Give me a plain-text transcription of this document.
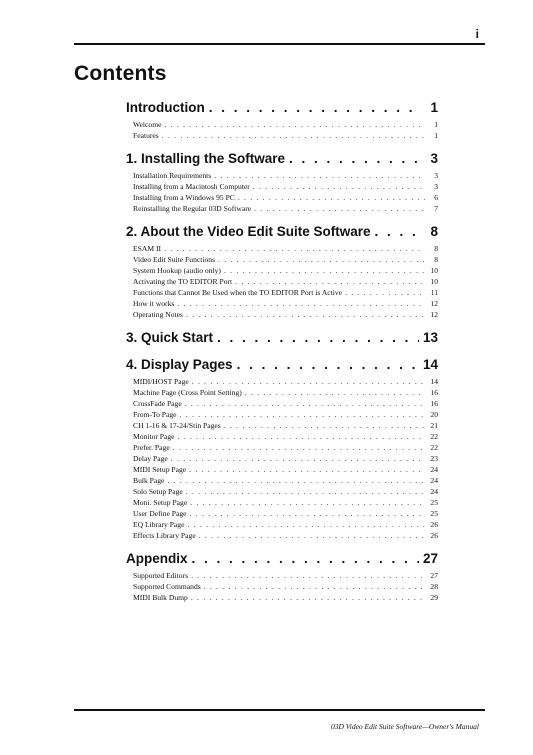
i
Contents
Introduction . . .	1
Welcome . . .	1
Features . . .	1
1. Installing the Software . . .	3
Installation Requirements . . .	3
Installing from a Macintosh Computer . . .	3
Installing from a Windows 95 PC . . .	6
Reinstalling the Regular 03D Software . . .	7
2. About the Video Edit Suite Software . . .	8
ESAM II . . .	8
Video Edit Suite Functions . . .	8
System Hookup (audio only) . . .	10
Activating the TO EDITOR Port . . .	10
Functions that Cannot Be Used when the TO EDITOR Port is Active . . .	11
How it works . . .	12
Operating Notes . . .	12
3. Quick Start . . .	13
4. Display Pages . . .	14
MIDI/HOST Page . . .	14
Machine Page (Cross Point Setting) . . .	16
CrossFade Page . . .	16
From-To Page . . .	20
CH 1-16 & 17-24/Stin Pages . . .	21
Monitor Page . . .	22
Prefer. Page . . .	22
Delay Page . . .	23
MIDI Setup Page . . .	24
Bulk Page . . .	24
Solo Setup Page . . .	24
Moni. Setup Page . . .	25
User Define Page . . .	25
EQ Library Page . . .	26
Effects Library Page . . .	26
Appendix . . .	27
Supported Editors . . .	27
Supported Commands . . .	28
MIDI Bulk Dump . . .	29
03D Video Edit Suite Software—Owner's Manual
